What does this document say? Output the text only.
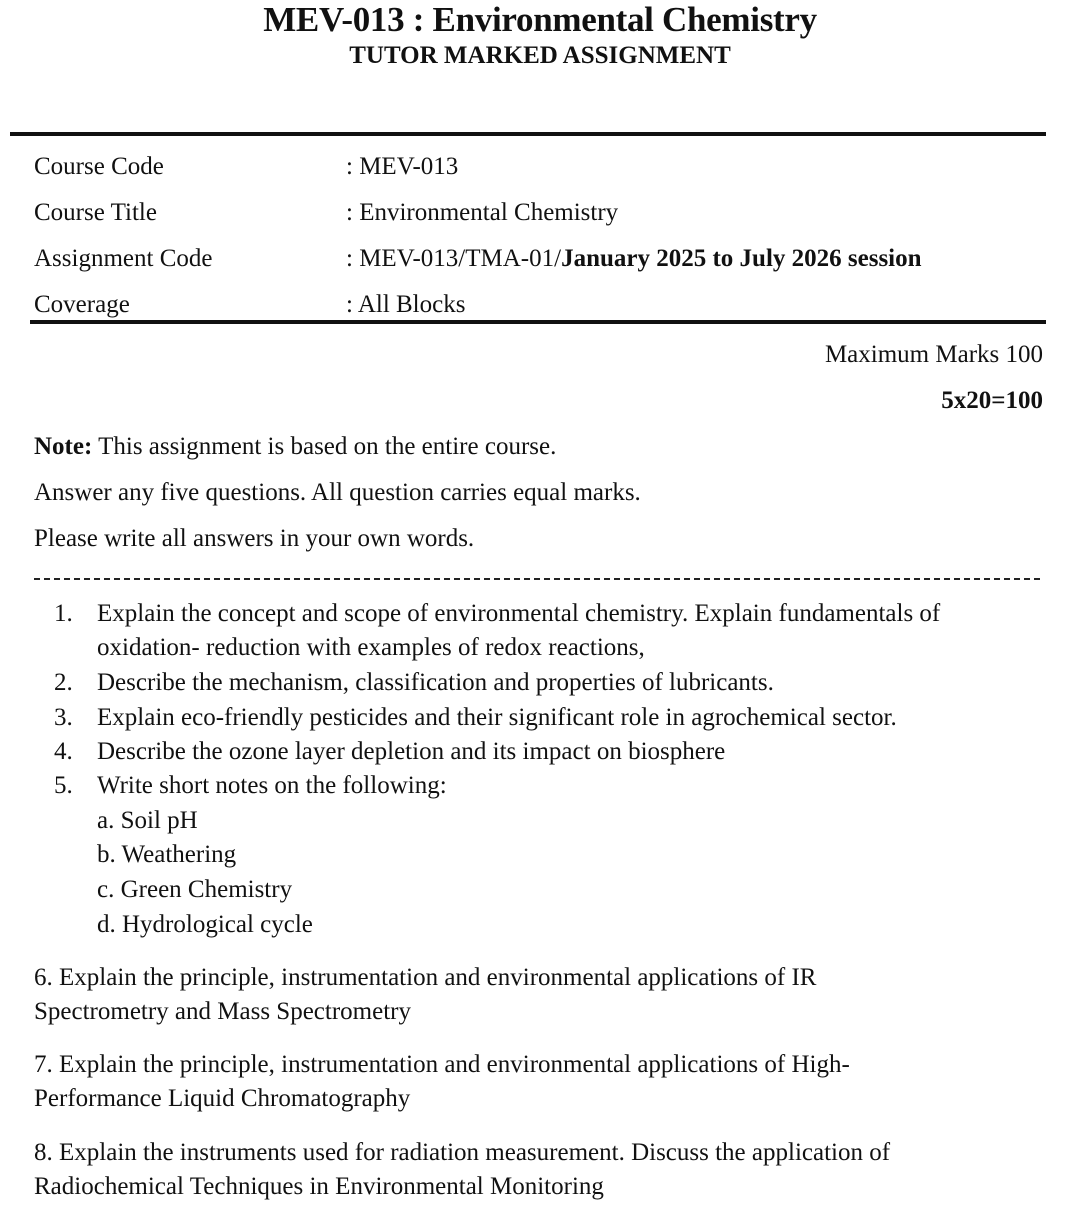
MEV-013 : Environmental Chemistry
TUTOR MARKED ASSIGNMENT
Course Code	: MEV-013
Course Title	: Environmental Chemistry
Assignment Code	: MEV-013/TMA-01/January 2025 to July 2026 session
Coverage	: All Blocks
Maximum Marks 100
5x20=100
Note: This assignment is based on the entire course.
Answer any five questions. All question carries equal marks.
Please write all answers in your own words.
1. Explain the concept and scope of environmental chemistry. Explain fundamentals of oxidation- reduction with examples of redox reactions,
2. Describe the mechanism, classification and properties of lubricants.
3. Explain eco-friendly pesticides and their significant role in agrochemical sector.
4. Describe the ozone layer depletion and its impact on biosphere
5. Write short notes on the following:
a. Soil pH
b. Weathering
c. Green Chemistry
d. Hydrological cycle
6. Explain the principle, instrumentation and environmental applications of IR Spectrometry and Mass Spectrometry
7. Explain the principle, instrumentation and environmental applications of High-Performance Liquid Chromatography
8. Explain the instruments used for radiation measurement. Discuss the application of Radiochemical Techniques in Environmental Monitoring
